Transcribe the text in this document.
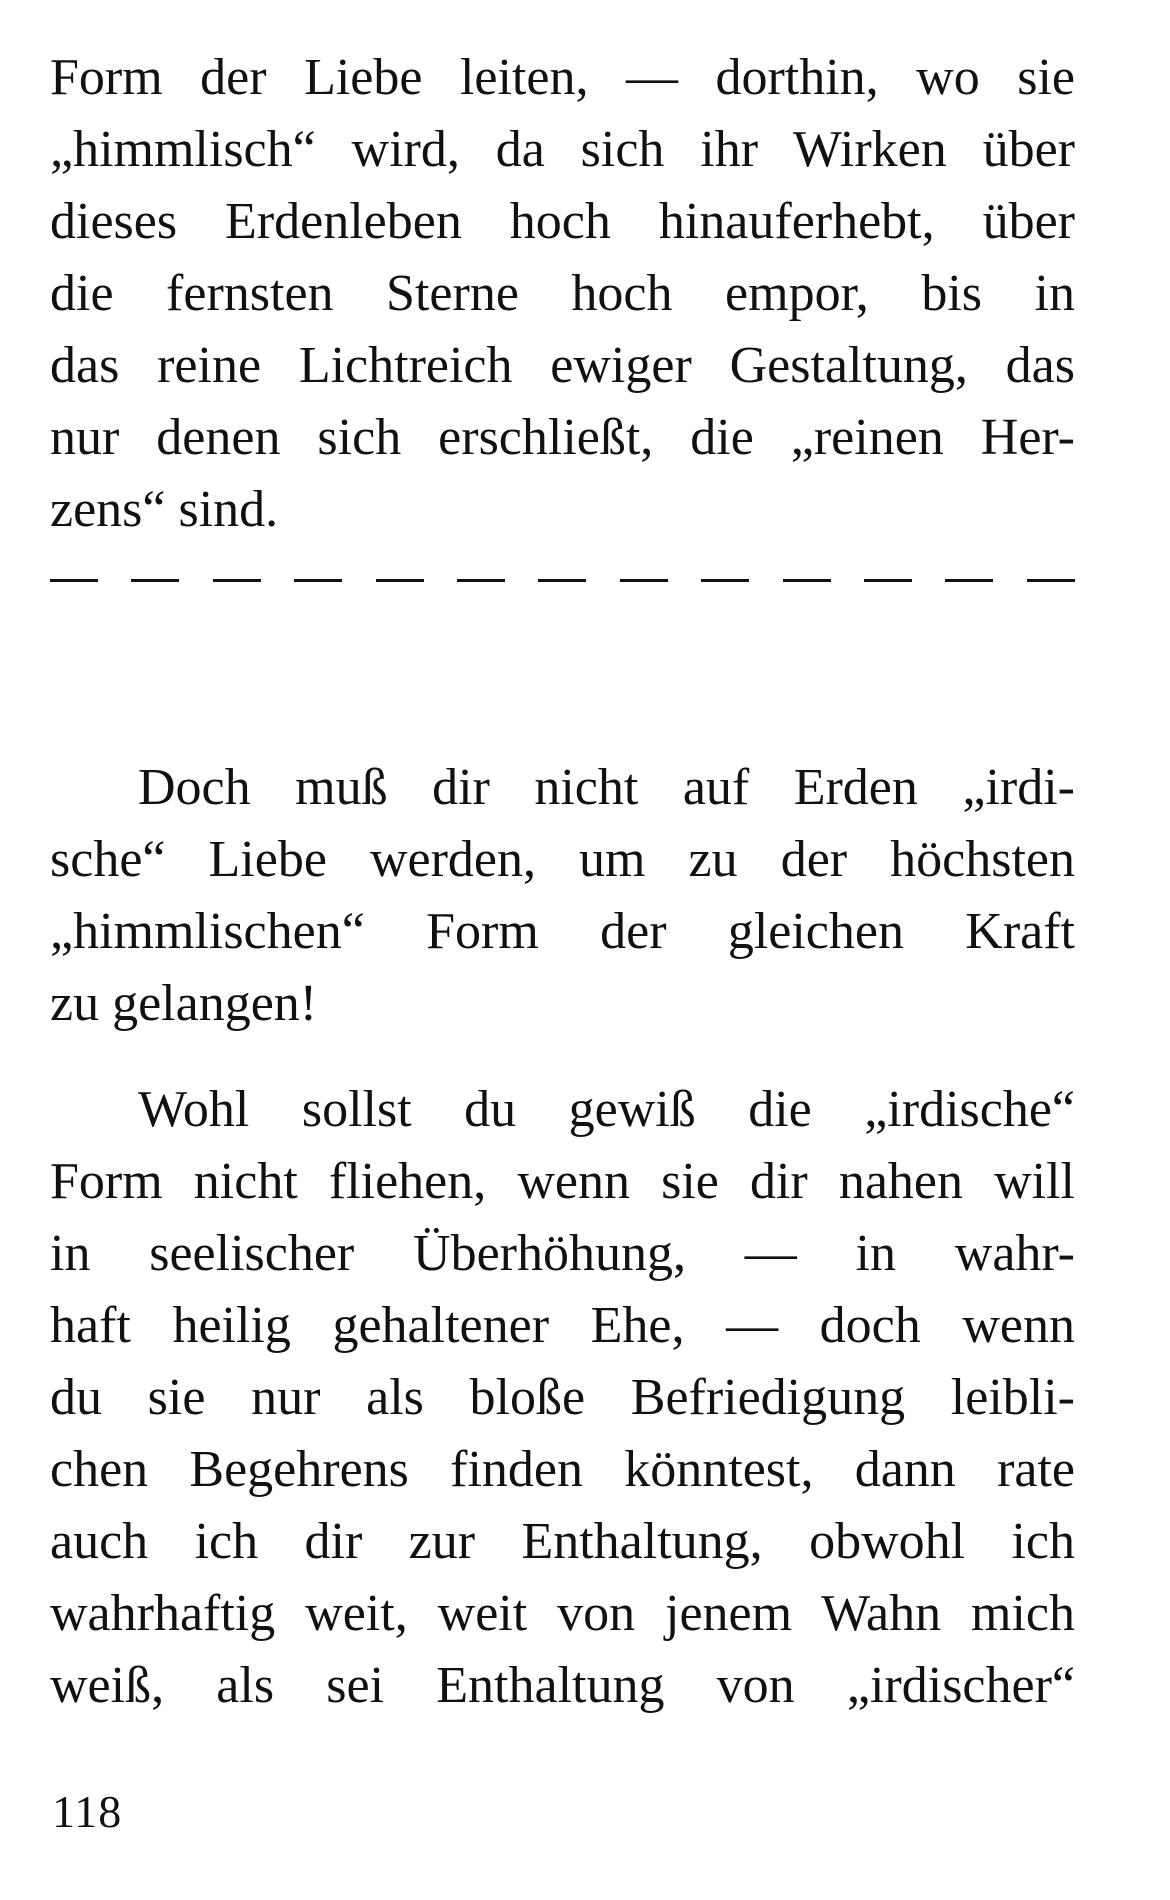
Form der Liebe leiten, — dorthin, wo sie
„himmlisch“ wird, da sich ihr Wirken über
dieses Erdenleben hoch hinauferhebt, über
die fernsten Sterne hoch empor, bis in
das reine Lichtreich ewiger Gestaltung, das
nur denen sich erschließt, die „reinen Her-
zens“ sind.
Doch muß dir nicht auf Erden „irdi-
sche“ Liebe werden, um zu der höchsten
„himmlischen“ Form der gleichen Kraft
zu gelangen!
Wohl sollst du gewiß die „irdische“
Form nicht fliehen, wenn sie dir nahen will
in seelischer Überhöhung, — in wahr-
haft heilig gehaltener Ehe, — doch wenn
du sie nur als bloße Befriedigung leibli-
chen Begehrens finden könntest, dann rate
auch ich dir zur Enthaltung, obwohl ich
wahrhaftig weit, weit von jenem Wahn mich
weiß, als sei Enthaltung von „irdischer“
118
